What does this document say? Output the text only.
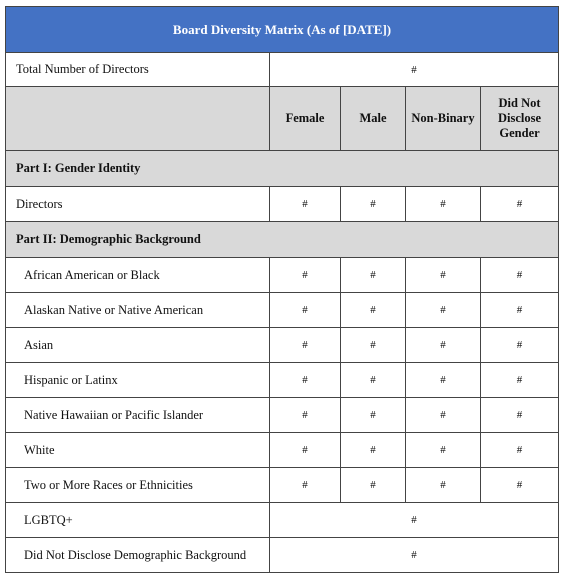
Board Diversity Matrix (As of [DATE])				
Total Number of Directors	#			
	Female	Male	Non-Binary	Did Not Disclose Gender
Part I: Gender Identity				
Directors	#	#	#	#
Part II: Demographic Background				
African American or Black	#	#	#	#
Alaskan Native or Native American	#	#	#	#
Asian	#	#	#	#
Hispanic or Latinx	#	#	#	#
Native Hawaiian or Pacific Islander	#	#	#	#
White	#	#	#	#
Two or More Races or Ethnicities	#	#	#	#
LGBTQ+	#			
Did Not Disclose Demographic Background	#			
